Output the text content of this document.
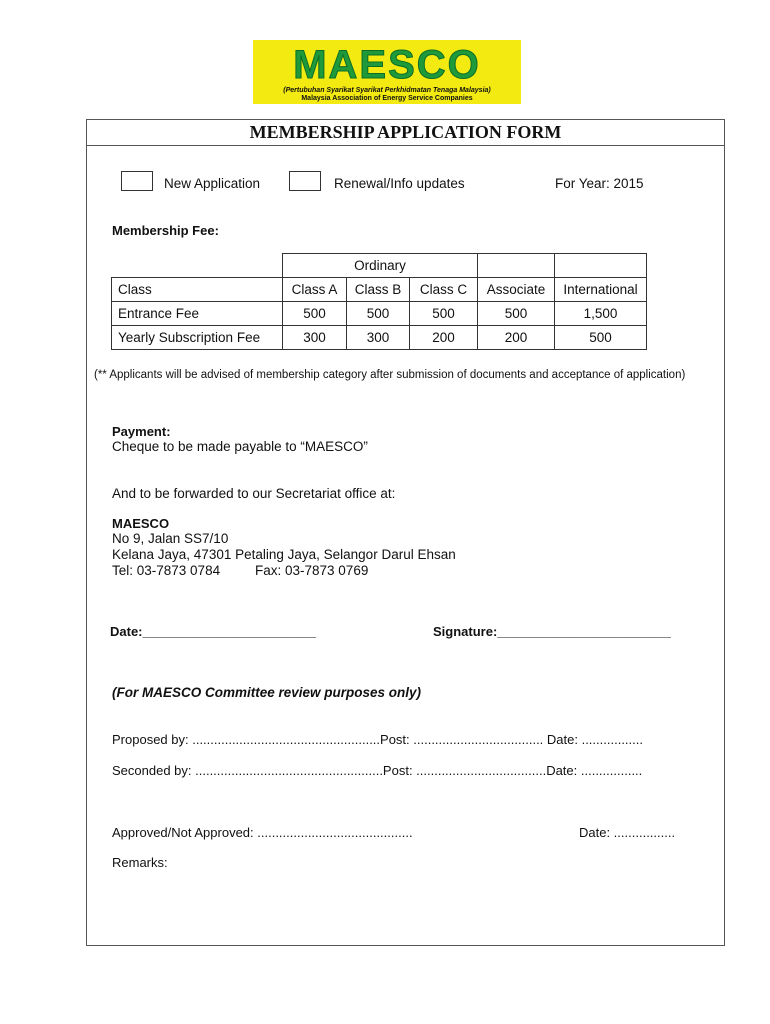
MAESCO
(Pertubuhan Syarikat Syarikat Perkhidmatan Tenaga Malaysia)
Malaysia Association of Energy Service Companies
MEMBERSHIP APPLICATION FORM
New Application	Renewal/Info updates	For Year: 2015
Membership Fee:
	Ordinary				
Class	Class A	Class B	Class C	Associate	International
Entrance Fee	500	500	500	500	1,500
Yearly Subscription Fee	300	300	200	200	500
(** Applicants will be advised of membership category after submission of documents and acceptance of application)
Payment:
Cheque to be made payable to “MAESCO”
And to be forwarded to our Secretariat office at:
MAESCO
No 9, Jalan SS7/10
Kelana Jaya, 47301 Petaling Jaya, Selangor Darul Ehsan
Tel: 03-7873 0784	Fax: 03-7873 0769
Date:________________________	Signature:________________________
(For MAESCO Committee review purposes only)
Proposed by: ....................................................Post: .................................... Date: .................
Seconded by: ....................................................Post: ....................................Date: .................
Approved/Not Approved: ...........................................	Date: .................
Remarks:
